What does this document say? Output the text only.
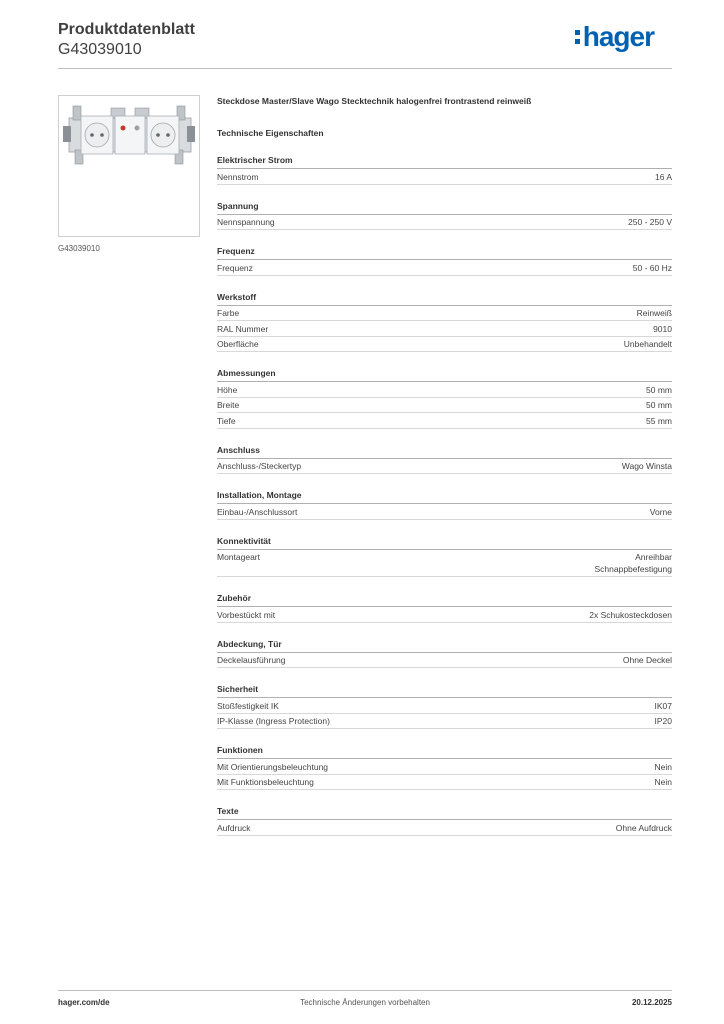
Produktdatenblatt
G43039010	hager
G43039010
Steckdose Master/Slave Wago Stecktechnik halogenfrei frontrastend reinweiß
Technische Eigenschaften
Elektrischer Strom
Nennstrom	16 A
Spannung
Nennspannung	250 - 250 V
Frequenz
Frequenz	50 - 60 Hz
Werkstoff
Farbe	Reinweiß
RAL Nummer	9010
Oberfläche	Unbehandelt
Abmessungen
Höhe	50 mm
Breite	50 mm
Tiefe	55 mm
Anschluss
Anschluss-/Steckertyp	Wago Winsta
Installation, Montage
Einbau-/Anschlussort	Vorne
Konnektivität
Montageart	Anreihbar
Schnappbefestigung
Zubehör
Vorbestückt mit	2x Schukosteckdosen
Abdeckung, Tür
Deckelausführung	Ohne Deckel
Sicherheit
Stoßfestigkeit IK	IK07
IP-Klasse (Ingress Protection)	IP20
Funktionen
Mit Orientierungsbeleuchtung	Nein
Mit Funktionsbeleuchtung	Nein
Texte
Aufdruck	Ohne Aufdruck
hager.com/de	Technische Änderungen vorbehalten	20.12.2025
